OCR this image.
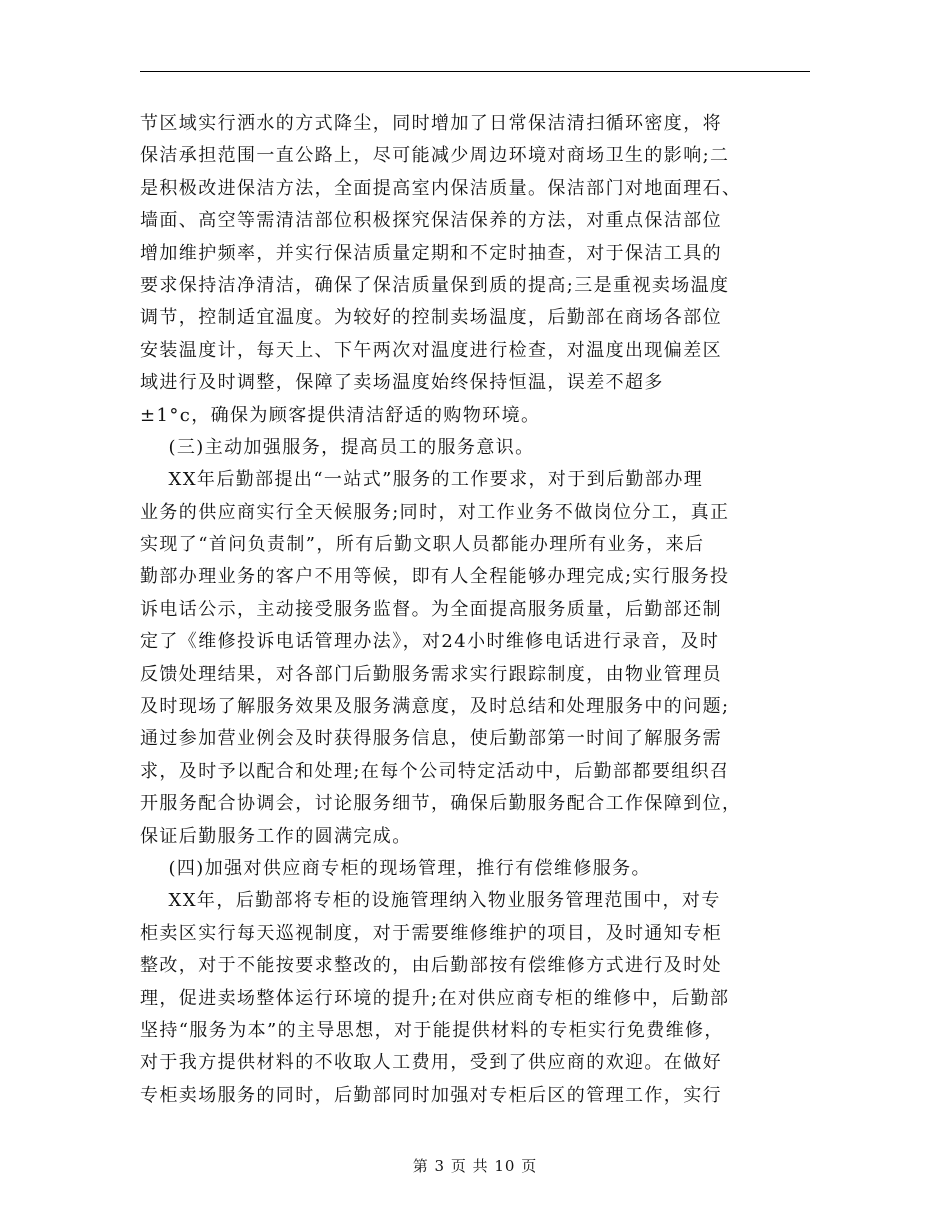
节区域实行洒水的方式降尘，同时增加了日常保洁清扫循环密度，将
保洁承担范围一直公路上，尽可能减少周边环境对商场卫生的影响;二
是积极改进保洁方法，全面提高室内保洁质量。保洁部门对地面理石、
墙面、高空等需清洁部位积极探究保洁保养的方法，对重点保洁部位
增加维护频率，并实行保洁质量定期和不定时抽查，对于保洁工具的
要求保持洁净清洁，确保了保洁质量保到质的提高;三是重视卖场温度
调节，控制适宜温度。为较好的控制卖场温度，后勤部在商场各部位
安装温度计，每天上、下午两次对温度进行检查，对温度出现偏差区
域进行及时调整，保障了卖场温度始终保持恒温，误差不超多
±1°c，确保为顾客提供清洁舒适的购物环境。
(三)主动加强服务，提高员工的服务意识。
XX年后勤部提出“一站式”服务的工作要求，对于到后勤部办理
业务的供应商实行全天候服务;同时，对工作业务不做岗位分工，真正
实现了“首问负责制”，所有后勤文职人员都能办理所有业务，来后
勤部办理业务的客户不用等候，即有人全程能够办理完成;实行服务投
诉电话公示，主动接受服务监督。为全面提高服务质量，后勤部还制
定了《维修投诉电话管理办法》，对24小时维修电话进行录音，及时
反馈处理结果，对各部门后勤服务需求实行跟踪制度，由物业管理员
及时现场了解服务效果及服务满意度，及时总结和处理服务中的问题;
通过参加营业例会及时获得服务信息，使后勤部第一时间了解服务需
求，及时予以配合和处理;在每个公司特定活动中，后勤部都要组织召
开服务配合协调会，讨论服务细节，确保后勤服务配合工作保障到位，
保证后勤服务工作的圆满完成。
(四)加强对供应商专柜的现场管理，推行有偿维修服务。
XX年，后勤部将专柜的设施管理纳入物业服务管理范围中，对专
柜卖区实行每天巡视制度，对于需要维修维护的项目，及时通知专柜
整改，对于不能按要求整改的，由后勤部按有偿维修方式进行及时处
理，促进卖场整体运行环境的提升;在对供应商专柜的维修中，后勤部
坚持“服务为本”的主导思想，对于能提供材料的专柜实行免费维修，
对于我方提供材料的不收取人工费用，受到了供应商的欢迎。在做好
专柜卖场服务的同时，后勤部同时加强对专柜后区的管理工作，实行
第 3 页 共 10 页
